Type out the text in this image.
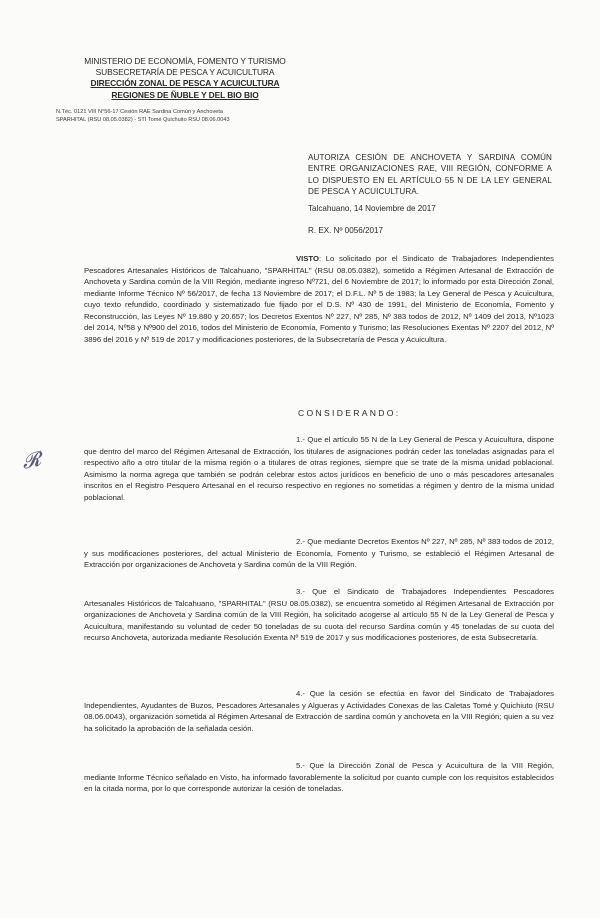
MINISTERIO DE ECONOMÍA, FOMENTO Y TURISMO
SUBSECRETARÍA DE PESCA Y ACUICULTURA
DIRECCIÓN ZONAL DE PESCA Y ACUICULTURA
REGIONES DE ÑUBLE Y DEL BIO BIO
N.Téc. 0121 VIII N°56-17 Cesión RAE Sardina Común y Anchoveta
SPARHITAL (RSU 08.05.0382) - STI Tomé Quichuito RSU 08.06.0043
AUTORIZA CESIÓN DE ANCHOVETA Y SARDINA COMÚN ENTRE ORGANIZACIONES RAE, VIII REGIÓN, CONFORME A LO DISPUESTO EN EL ARTÍCULO 55 N DE LA LEY GENERAL DE PESCA Y ACUICULTURA.
Talcahuano, 14 Noviembre de 2017
R. EX. Nº 0056/2017
VISTO: Lo solicitado por el Sindicato de Trabajadores Independientes Pescadores Artesanales Históricos de Talcahuano, "SPARHITAL" (RSU 08.05.0382), sometido a Régimen Artesanal de Extracción de Anchoveta y Sardina común de la VIII Región, mediante ingreso Nº721, del 6 Noviembre de 2017; lo informado por esta Dirección Zonal, mediante Informe Técnico Nº 56/2017, de fecha 13 Noviembre de 2017; el D.F.L. Nº 5 de 1983; la Ley General de Pesca y Acuicultura, cuyo texto refundido, coordinado y sistematizado fue fijado por el D.S. Nº 430 de 1991, del Ministerio de Economía, Fomento y Reconstrucción, las Leyes Nº 19.880 y 20.657; los Decretos Exentos Nº 227, Nº 285, Nº 383 todos de 2012, Nº 1409 del 2013, Nº1023 del 2014, Nº58 y Nº900 del 2016, todos del Ministerio de Economía, Fomento y Turismo; las Resoluciones Exentas Nº 2207 del 2012, Nº 3896 del 2016 y Nº 519 de 2017 y modificaciones posteriores, de la Subsecretaría de Pesca y Acuicultura.
CONSIDERANDO:
𝓡
1.- Que el artículo 55 N de la Ley General de Pesca y Acuicultura, dispone que dentro del marco del Régimen Artesanal de Extracción, los titulares de asignaciones podrán ceder las toneladas asignadas para el respectivo año a otro titular de la misma región o a titulares de otras regiones, siempre que se trate de la misma unidad poblacional. Asimismo la norma agrega que también se podrán celebrar estos actos jurídicos en beneficio de uno o más pescadores artesanales inscritos en el Registro Pesquero Artesanal en el recurso respectivo en regiones no sometidas a régimen y dentro de la misma unidad poblacional.
2.- Que mediante Decretos Exentos Nº 227, Nº 285, Nº 383 todos de 2012, y sus modificaciones posteriores, del actual Ministerio de Economía, Fomento y Turismo, se estableció el Régimen Artesanal de Extracción por organizaciones de Anchoveta y Sardina común de la VIII Región.
3.- Que el Sindicato de Trabajadores Independientes Pescadores Artesanales Históricos de Talcahuano, "SPARHITAL" (RSU 08.05.0382), se encuentra sometido al Régimen Artesanal de Extracción por organizaciones de Anchoveta y Sardina común de la VIII Región, ha solicitado acogerse al artículo 55 N de la Ley General de Pesca y Acuicultura, manifestando su voluntad de ceder 50 toneladas de su cuota del recurso Sardina común y 45 toneladas de su cuota del recurso Anchoveta, autorizada mediante Resolución Exenta Nº 519 de 2017 y sus modificaciones posteriores, de esta Subsecretaría.
4.- Que la cesión se efectúa en favor del Sindicato de Trabajadores Independientes, Ayudantes de Buzos, Pescadores Artesanales y Algueras y Actividades Conexas de las Caletas Tomé y Quichiuto (RSU 08.06.0043), organización sometida al Régimen Artesanal de Extracción de sardina común y anchoveta en la VIII Región; quien a su vez ha solicitado la aprobación de la señalada cesión.
5.- Que la Dirección Zonal de Pesca y Acuicultura de la VIII Región, mediante Informe Técnico señalado en Visto, ha informado favorablemente la solicitud por cuanto cumple con los requisitos establecidos en la citada norma, por lo que corresponde autorizar la cesión de toneladas.
